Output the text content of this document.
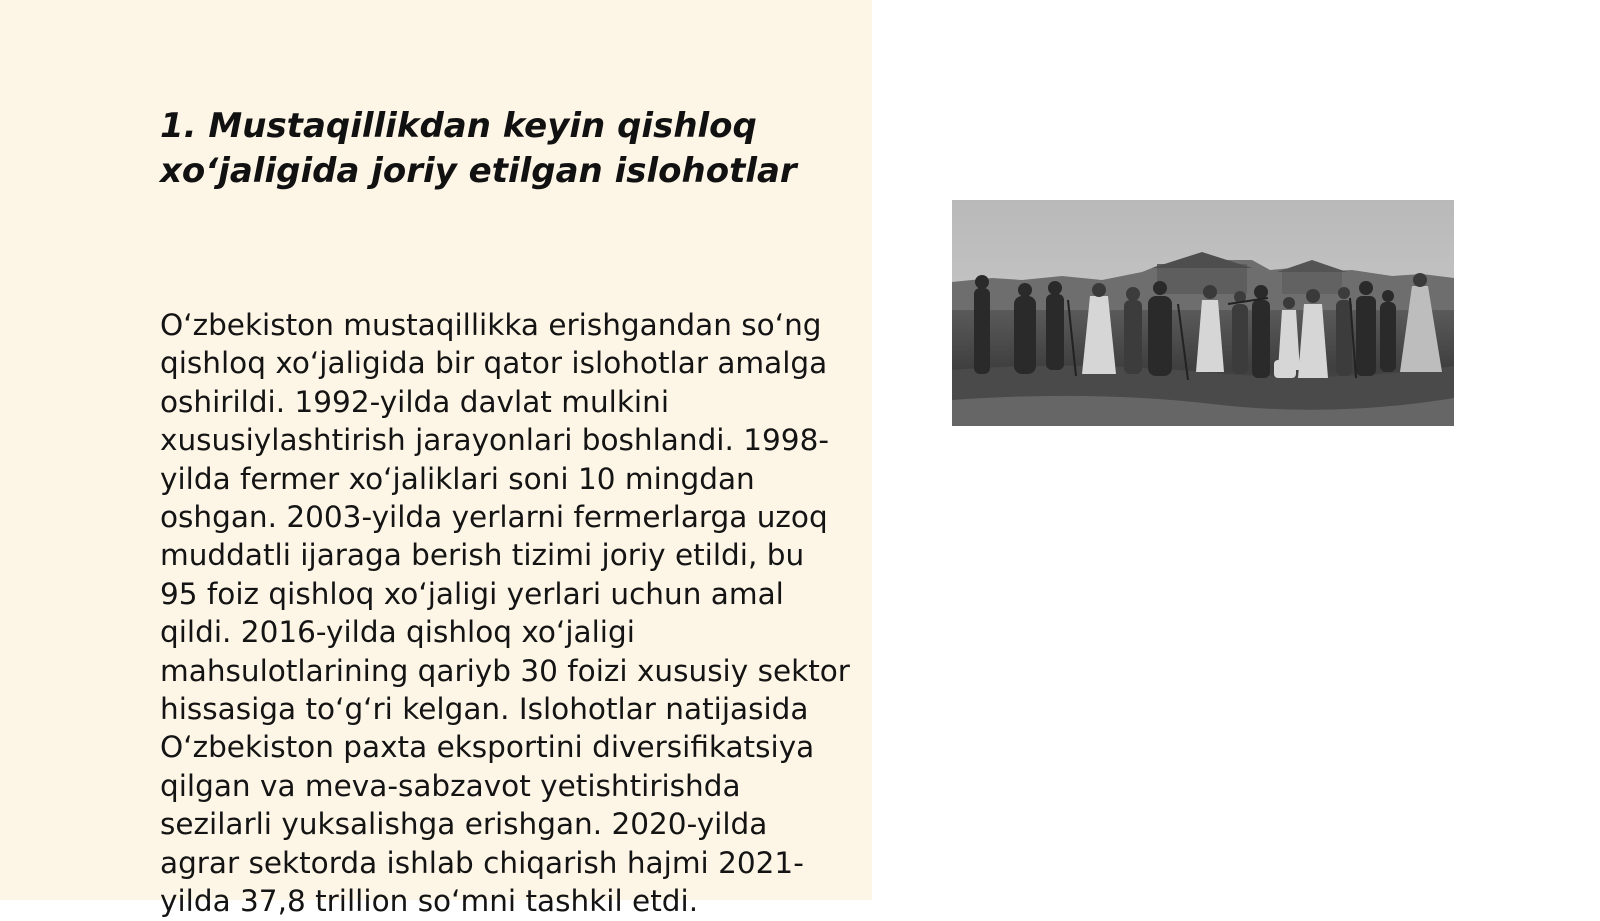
1. Mustaqillikdan keyin qishloq xo‘jaligida joriy etilgan islohotlar

O‘zbekiston mustaqillikka erishgandan so‘ng qishloq xo‘jaligida bir qator islohotlar amalga oshirildi. 1992-yilda davlat mulkini xususiylashtirish jarayonlari boshlandi. 1998-yilda fermer xo‘jaliklari soni 10 mingdan oshgan. 2003-yilda yerlarni fermerlarga uzoq muddatli ijaraga berish tizimi joriy etildi, bu 95 foiz qishloq xo‘jaligi yerlari uchun amal qildi. 2016-yilda qishloq xo‘jaligi mahsulotlarining qariyb 30 foizi xususiy sektor hissasiga to‘g‘ri kelgan. Islohotlar natijasida O‘zbekiston paxta eksportini diversifikatsiya qilgan va meva-sabzavot yetishtirishda sezilarli yuksalishga erishgan. 2020-yilda agrar sektorda ishlab chiqarish hajmi 2021-yilda 37,8 trillion so‘mni tashkil etdi.
